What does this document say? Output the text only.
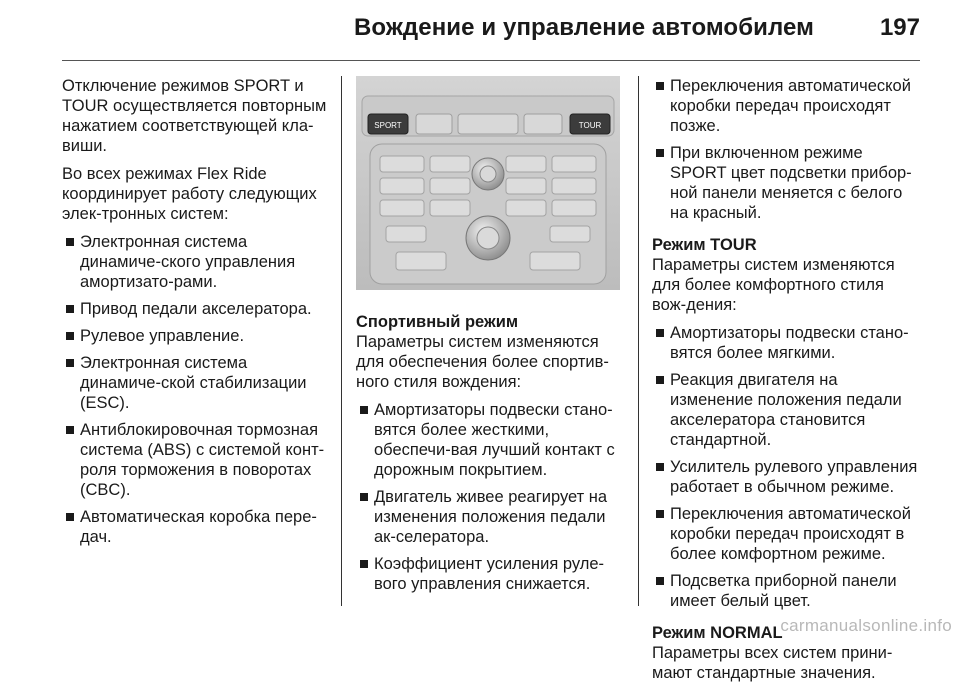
Вождение и управление автомобилем	197

Отключение режимов SPORT и TOUR осуществляется повторным нажатием соответствующей кла-виши.

Во всех режимах Flex Ride координирует работу следующих элек-тронных систем:

Электронная система динамиче-ского управления амортизато-рами.
Привод педали акселератора.
Рулевое управление.
Электронная система динамиче-ской стабилизации (ESC).
Антиблокировочная тормозная система (ABS) с системой конт-роля торможения в поворотах (CBC).
Автоматическая коробка пере-дач.
SPORT	TOUR
Спортивный режим

Параметры систем изменяются для обеспечения более спортив-ного стиля вождения:

Амортизаторы подвески стано-вятся более жесткими, обеспечи-вая лучший контакт с дорожным покрытием.
Двигатель живее реагирует на изменения положения педали ак-селератора.
Коэффициент усиления руле-вого управления снижается.
Переключения автоматической коробки передач происходят позже.
При включенном режиме SPORT цвет подсветки прибор-ной панели меняется с белого на красный.
Режим TOUR

Параметры систем изменяются для более комфортного стиля вож-дения:

Амортизаторы подвески стано-вятся более мягкими.
Реакция двигателя на изменение положения педали акселератора становится стандартной.
Усилитель рулевого управления работает в обычном режиме.
Переключения автоматической коробки передач происходят в более комфортном режиме.
Подсветка приборной панели имеет белый цвет.
Режим NORMAL

Параметры всех систем прини-мают стандартные значения.

carmanualsonline.info
